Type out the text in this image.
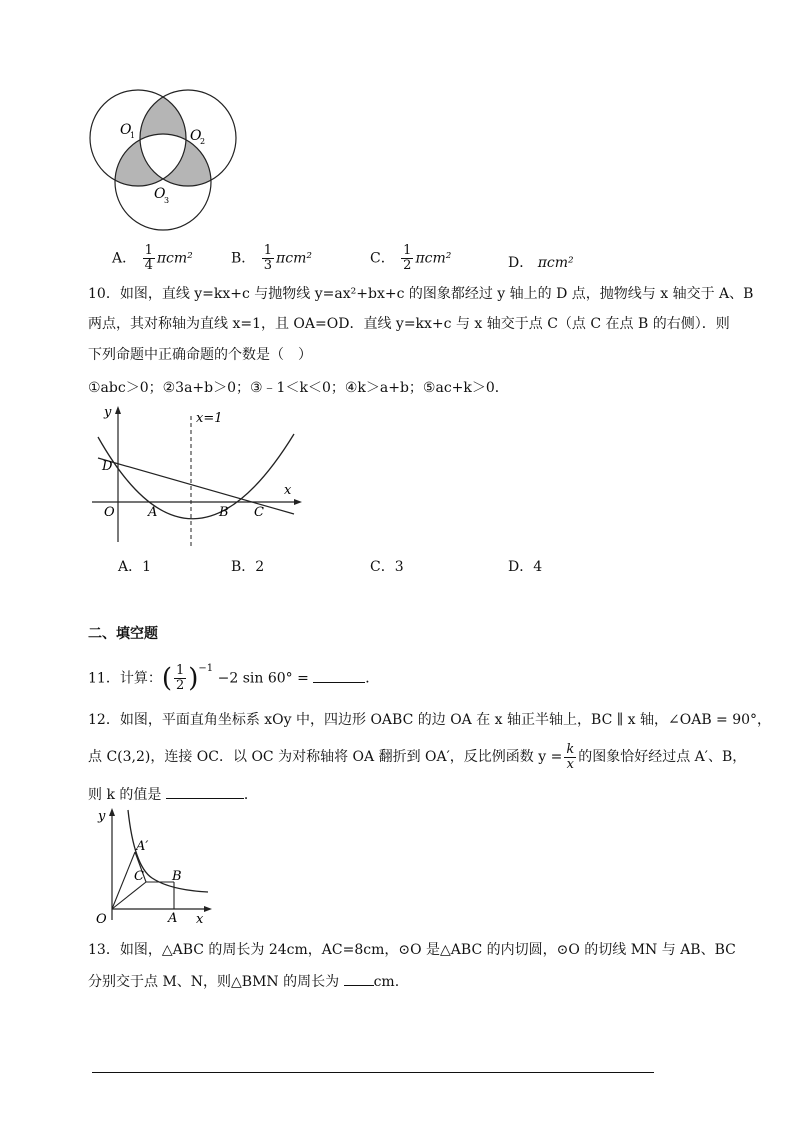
O
1	O
2
O
3
A． $\frac{1}{4} \pi cm^2$	B． $\frac{1}{3} \pi cm^2$	C． $\frac{1}{2} \pi cm^2$	D． πcm²
10．如图，直线 y=kx+c 与抛物线 y=ax²+bx+c 的图象都经过 y 轴上的 D 点，抛物线与 x 轴交于 A、B
两点，其对称轴为直线 x=1，且 OA=OD．直线 y=kx+c 与 x 轴交于点 C（点 C 在点 B 的右侧）．则
下列命题中正确命题的个数是（　）
①abc＞0；②3a+b＞0；③﹣1＜k＜0；④k＞a+b；⑤ac+k＞0．
y
x
x=1
D
O	A	B C
A．1	B．2	C．3	D．4
二、填空题
11．计算：( $\frac{1}{2} )^{-1} -2$ sin 60° =	．
12．如图，平面直角坐标系 xOy 中，四边形 OABC 的边 OA 在 x 轴正半轴上，BC ∥ x 轴，∠OAB = 90°，
点 C(3,2)，连接 OC．以 OC 为对称轴将 OA 翻折到 OA′，反比例函数 $y = \frac{k}{x}$ 的图象恰好经过点 A′、B，
则 k 的值是	．
y
x
A′
C B
O	A
13．如图，△ABC 的周长为 24cm，AC=8cm，⊙O 是△ABC 的内切圆，⊙O 的切线 MN 与 AB、BC
分别交于点 M、N，则△BMN 的周长为 cm.
